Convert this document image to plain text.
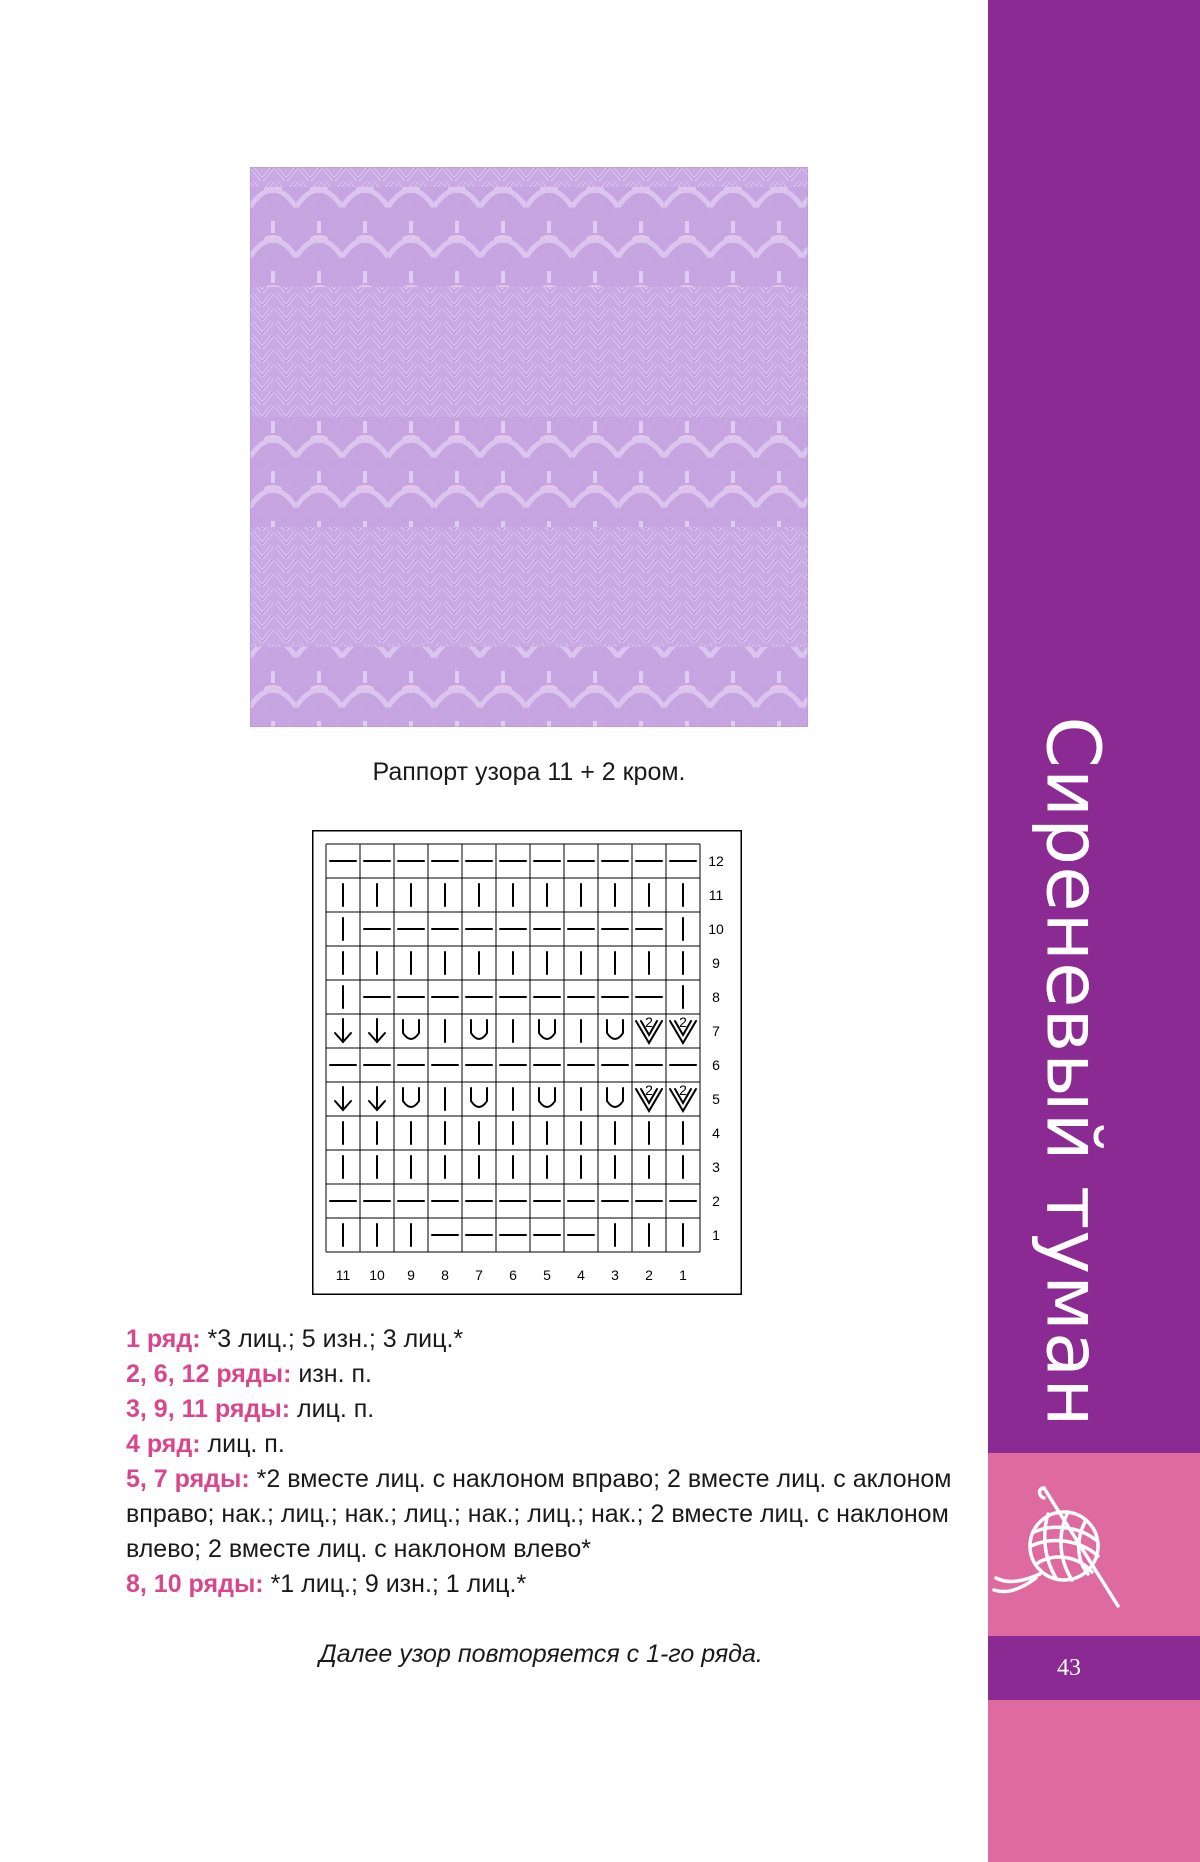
Сиреневый туман
43
Раппорт узора 11 + 2 кром.
2 2
2 2
12
11
10
9
8
7
6
5
4
3
2
1
11 10 9 8 7 6 5 4 3 2 1

1 ряд: *3 лиц.; 5 изн.; 3 лиц.*

2, 6, 12 ряды: изн. п.

3, 9, 11 ряды: лиц. п.

4 ряд: лиц. п.

5, 7 ряды: *2 вместе лиц. с наклоном вправо; 2 вместе лиц. с аклоном вправо; нак.; лиц.; нак.; лиц.; нак.; лиц.; нак.; 2 вместе лиц. с наклоном влево; 2 вместе лиц. с наклоном влево*

8, 10 ряды: *1 лиц.; 9 изн.; 1 лиц.*

Далее узор повторяется с 1-го ряда.
